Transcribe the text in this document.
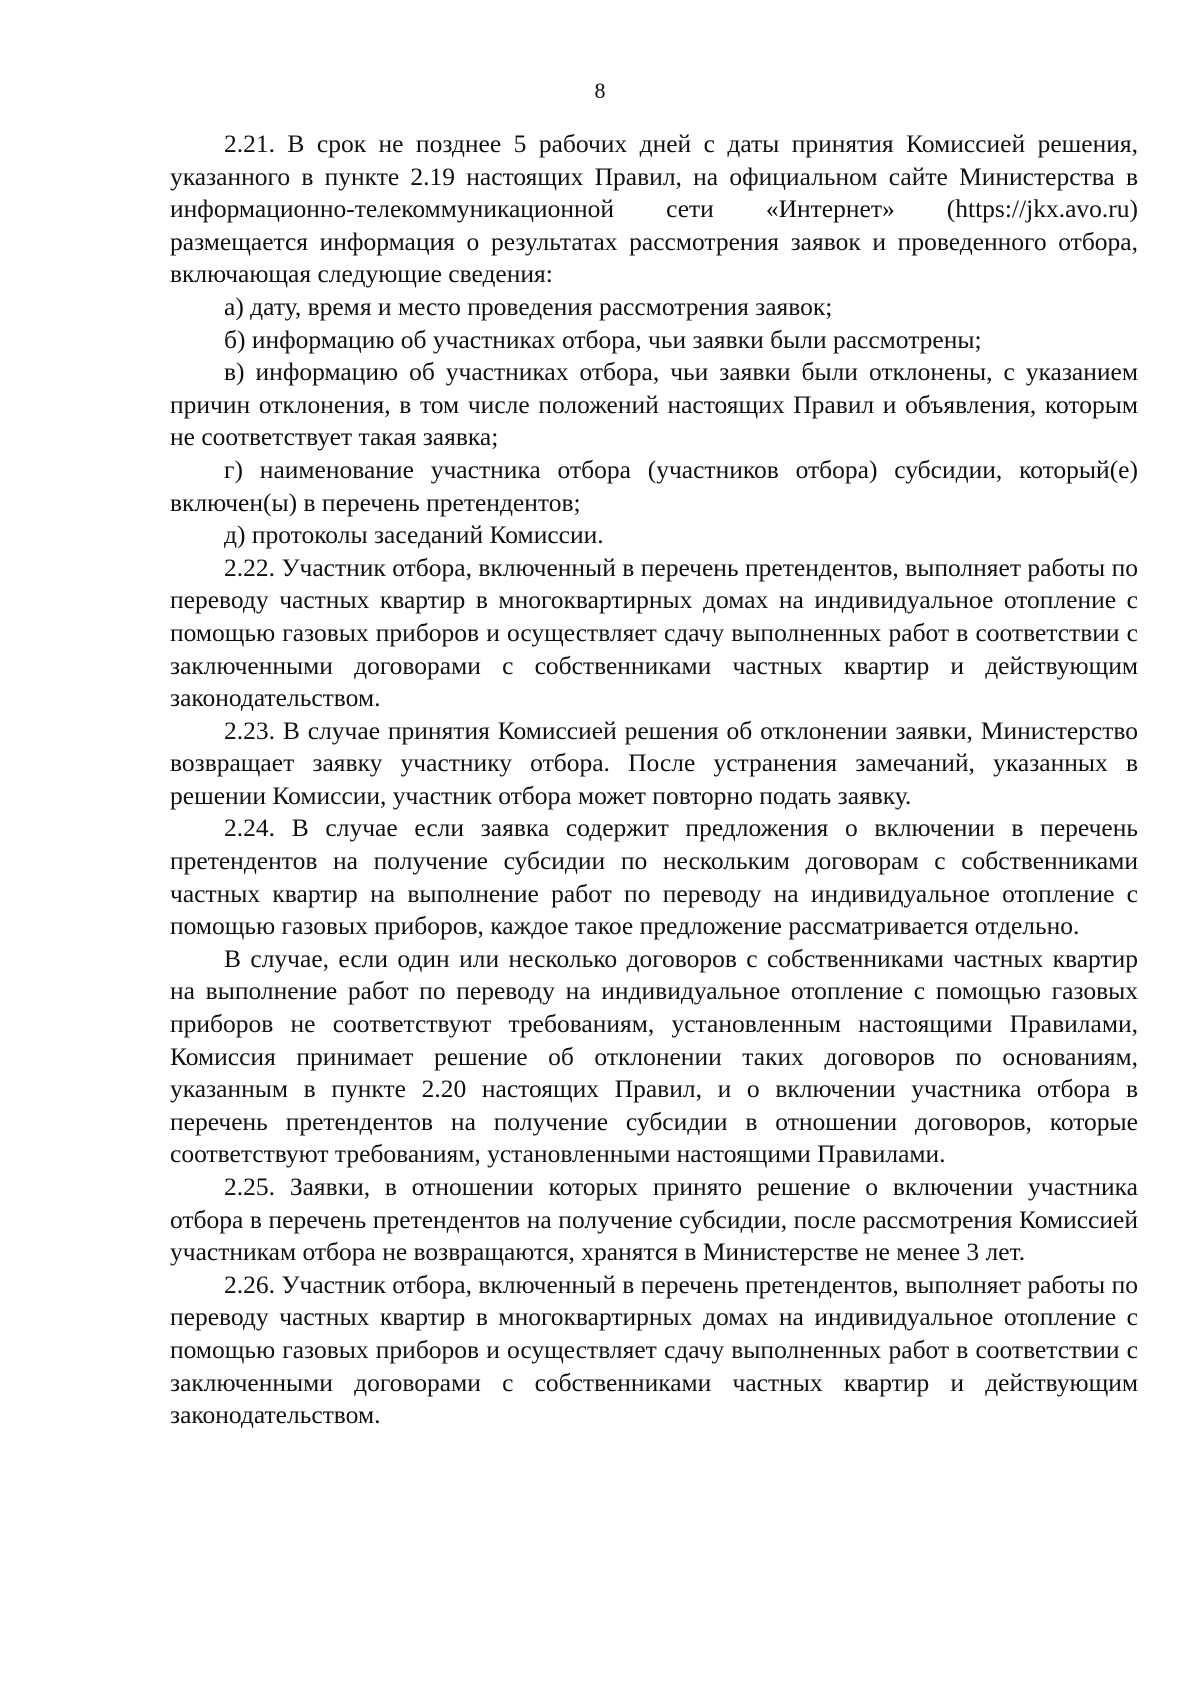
8

2.21. В срок не позднее 5 рабочих дней с даты принятия Комиссией решения, указанного в пункте 2.19 настоящих Правил, на официальном сайте Министерства в информационно-телекоммуникационной сети «Интернет» (https://jkx.avo.ru) размещается информация о результатах рассмотрения заявок и проведенного отбора, включающая следующие сведения:

а) дату, время и место проведения рассмотрения заявок;

б) информацию об участниках отбора, чьи заявки были рассмотрены;

в) информацию об участниках отбора, чьи заявки были отклонены, с указанием причин отклонения, в том числе положений настоящих Правил и объявления, которым не соответствует такая заявка;

г) наименование участника отбора (участников отбора) субсидии, который(е) включен(ы) в перечень претендентов;

д) протоколы заседаний Комиссии.

2.22. Участник отбора, включенный в перечень претендентов, выполняет работы по переводу частных квартир в многоквартирных домах на индивидуальное отопление с помощью газовых приборов и осуществляет сдачу выполненных работ в соответствии с заключенными договорами с собственниками частных квартир и действующим законодательством.

2.23. В случае принятия Комиссией решения об отклонении заявки, Министерство возвращает заявку участнику отбора. После устранения замечаний, указанных в решении Комиссии, участник отбора может повторно подать заявку.

2.24. В случае если заявка содержит предложения о включении в перечень претендентов на получение субсидии по нескольким договорам с собственниками частных квартир на выполнение работ по переводу на индивидуальное отопление с помощью газовых приборов, каждое такое предложение рассматривается отдельно.

В случае, если один или несколько договоров с собственниками частных квартир на выполнение работ по переводу на индивидуальное отопление с помощью газовых приборов не соответствуют требованиям, установленным настоящими Правилами, Комиссия принимает решение об отклонении таких договоров по основаниям, указанным в пункте 2.20 настоящих Правил, и о включении участника отбора в перечень претендентов на получение субсидии в отношении договоров, которые соответствуют требованиям, установленными настоящими Правилами.

2.25. Заявки, в отношении которых принято решение о включении участника отбора в перечень претендентов на получение субсидии, после рассмотрения Комиссией участникам отбора не возвращаются, хранятся в Министерстве не менее 3 лет.

2.26. Участник отбора, включенный в перечень претендентов, выполняет работы по переводу частных квартир в многоквартирных домах на индивидуальное отопление с помощью газовых приборов и осуществляет сдачу выполненных работ в соответствии с заключенными договорами с собственниками частных квартир и действующим законодательством.
